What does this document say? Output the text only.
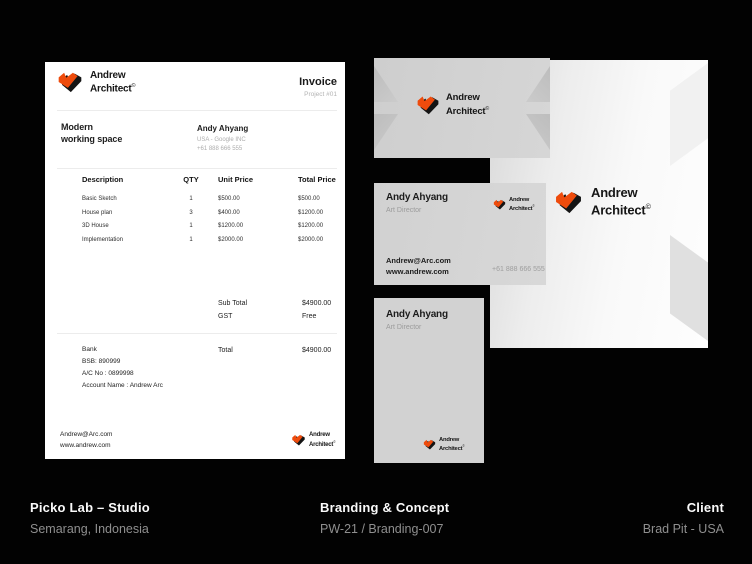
Andrew
Architect©	Invoice
Project #01
Modern
working space
Andy Ahyang
USA - Google INC
+61 888 666 555
Description	QTY	Unit Price	Total Price
Basic Sketch	1	$500.00	$500.00
House plan	3	$400.00	$1200.00
3D House	1	$1200.00	$1200.00
Implementation	1	$2000.00	$2000.00
Sub Total	$4900.00
GST	Free
Bank
BSB: 890999
A/C No : 0899998
Account Name : Andrew Arc
Total	$4900.00
Andrew@Arc.com
www.andrew.com
Andrew
Architect©
Andrew
Architect©
Andrew
Architect©
Andy Ahyang
Art Director
Andrew
Architect©
Andrew@Arc.com
www.andrew.com	+61 888 666 555
Andy Ahyang
Art Director
Andrew
Architect©
Picko Lab – Studio
Semarang, Indonesia
Branding & Concept
PW-21 / Branding-007
Client
Brad Pit - USA
